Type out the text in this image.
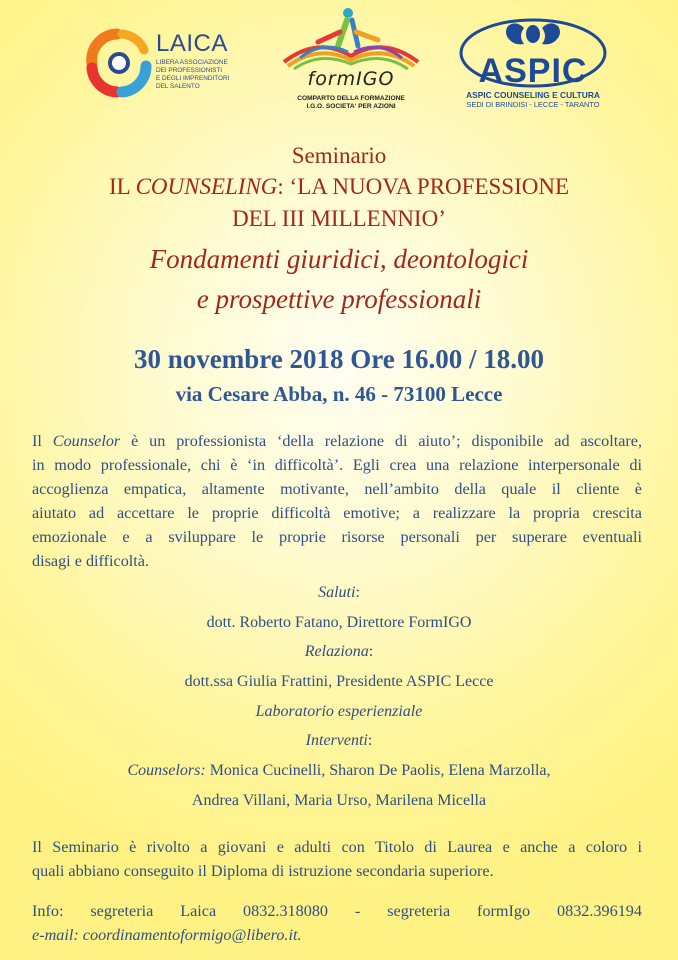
LAICA
LIBERA ASSOCIAZIONE
DEI PROFESSIONISTI
E DEGLI IMPRENDITORI
DEL SALENTO	formIGO
COMPARTO DELLA FORMAZIONE
I.G.O. SOCIETA' PER AZIONI
ASPIC
ASPIC COUNSELING E CULTURA
SEDI DI BRINDISI - LECCE - TARANTO
Seminario
IL COUNSELING: ‘LA NUOVA PROFESSIONE
DEL III MILLENNIO’
Fondamenti giuridici, deontologici
e prospettive professionali
30 novembre 2018 Ore 16.00 / 18.00
via Cesare Abba, n. 46 - 73100 Lecce
Il Counselor è un professionista ‘della relazione di aiuto’; disponibile ad ascoltare,
in modo professionale, chi è ‘in difficoltà’. Egli crea una relazione interpersonale di
accoglienza empatica, altamente motivante, nell’ambito della quale il cliente è
aiutato ad accettare le proprie difficoltà emotive; a realizzare la propria crescita
emozionale e a sviluppare le proprie risorse personali per superare eventuali
disagi e difficoltà.
Saluti:
dott. Roberto Fatano, Direttore FormIGO
Relaziona:
dott.ssa Giulia Frattini, Presidente ASPIC Lecce
Laboratorio esperienziale
Interventi:
Counselors: Monica Cucinelli, Sharon De Paolis, Elena Marzolla,
Andrea Villani, Maria Urso, Marilena Micella
Il Seminario è rivolto a giovani e adulti con Titolo di Laurea e anche a coloro i
quali abbiano conseguito il Diploma di istruzione secondaria superiore.
Info:  segreteria  Laica  0832.318080  -  segreteria  formIgo  0832.396194
e-mail: coordinamentoformigo@libero.it.
